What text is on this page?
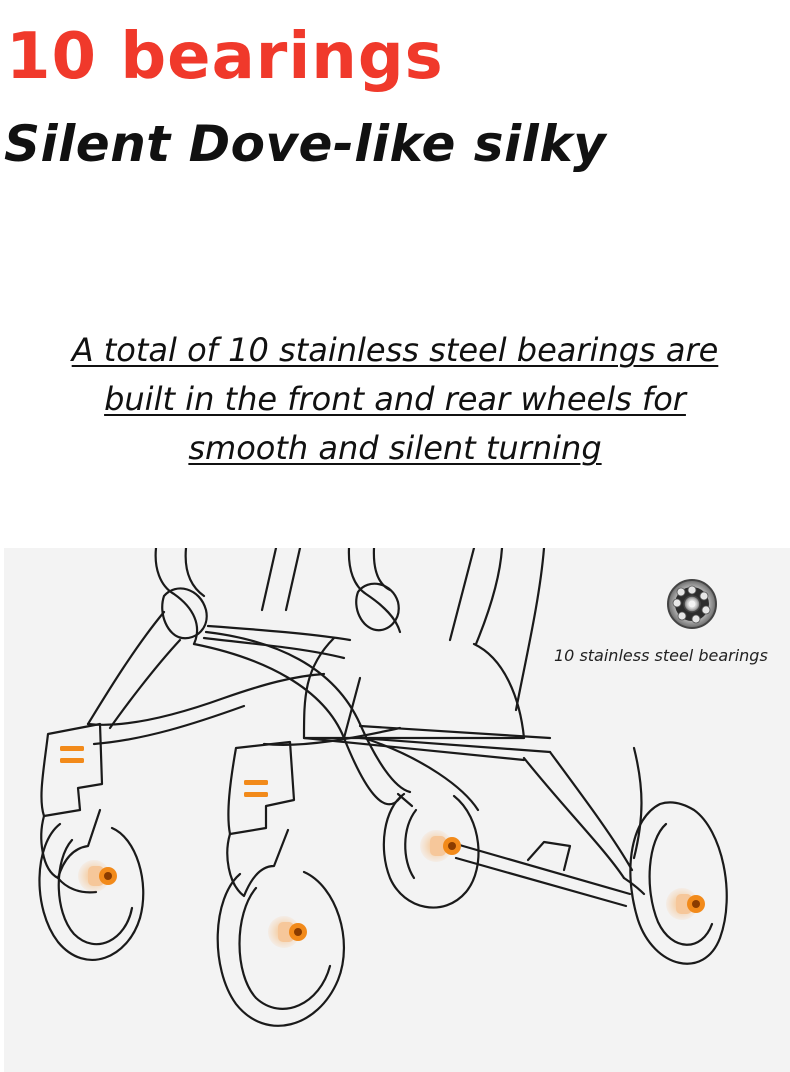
10 bearings
Silent Dove-like silky

A total of 10 stainless steel bearings are
built in the front and rear wheels for
smooth and silent turning

10 stainless steel bearings
